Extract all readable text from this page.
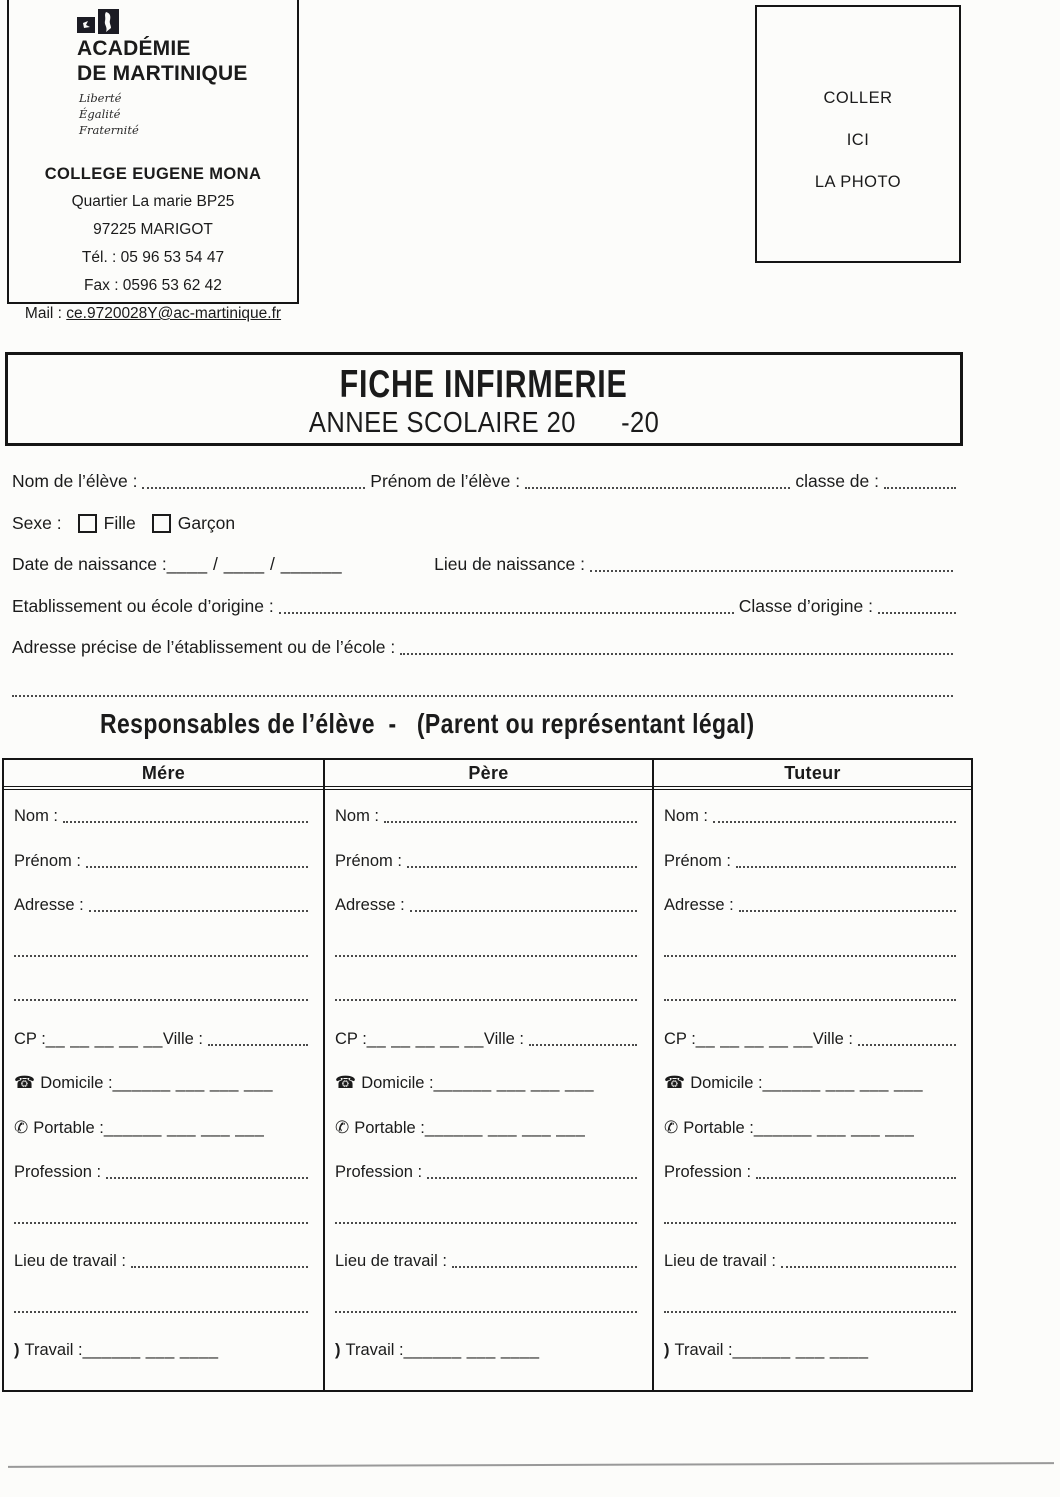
ACADÉMIE
DE MARTINIQUE
Liberté
Égalité
Fraternité
COLLEGE EUGENE MONA
Quartier La marie BP25
97225 MARIGOT
Tél. : 05 96 53 54 47
Fax : 0596 53 62 42
Mail : ce.9720028Y@ac-martinique.fr
COLLER
ICI
LA PHOTO
FICHE INFIRMERIE
ANNEE SCOLAIRE 20      -20
Nom de l’élève :	Prénom de l’élève :	classe de :
Sexe : Fille Garçon
Date de naissance : ____ / ____ / ______	Lieu de naissance :
Etablissement ou école d’origine :	Classe d’origine :
Adresse précise de l’établissement ou de l’école :
Responsables de l’élève  -   (Parent ou représentant légal)
Mére
Nom :
Prénom :
Adresse :
CP : __ __ __ __ __ Ville :
☎ Domicile : ______ ___ ___ ___
✆ Portable : ______ ___ ___ ___
Profession :
Lieu de travail :
) Travail : ______ ___ ____
Père
Nom :
Prénom :
Adresse :
CP : __ __ __ __ __ Ville :
☎ Domicile : ______ ___ ___ ___
✆ Portable : ______ ___ ___ ___
Profession :
Lieu de travail :
) Travail : ______ ___ ____
Tuteur
Nom :
Prénom :
Adresse :
CP : __ __ __ __ __ Ville :
☎ Domicile : ______ ___ ___ ___
✆ Portable : ______ ___ ___ ___
Profession :
Lieu de travail :
) Travail : ______ ___ ____
